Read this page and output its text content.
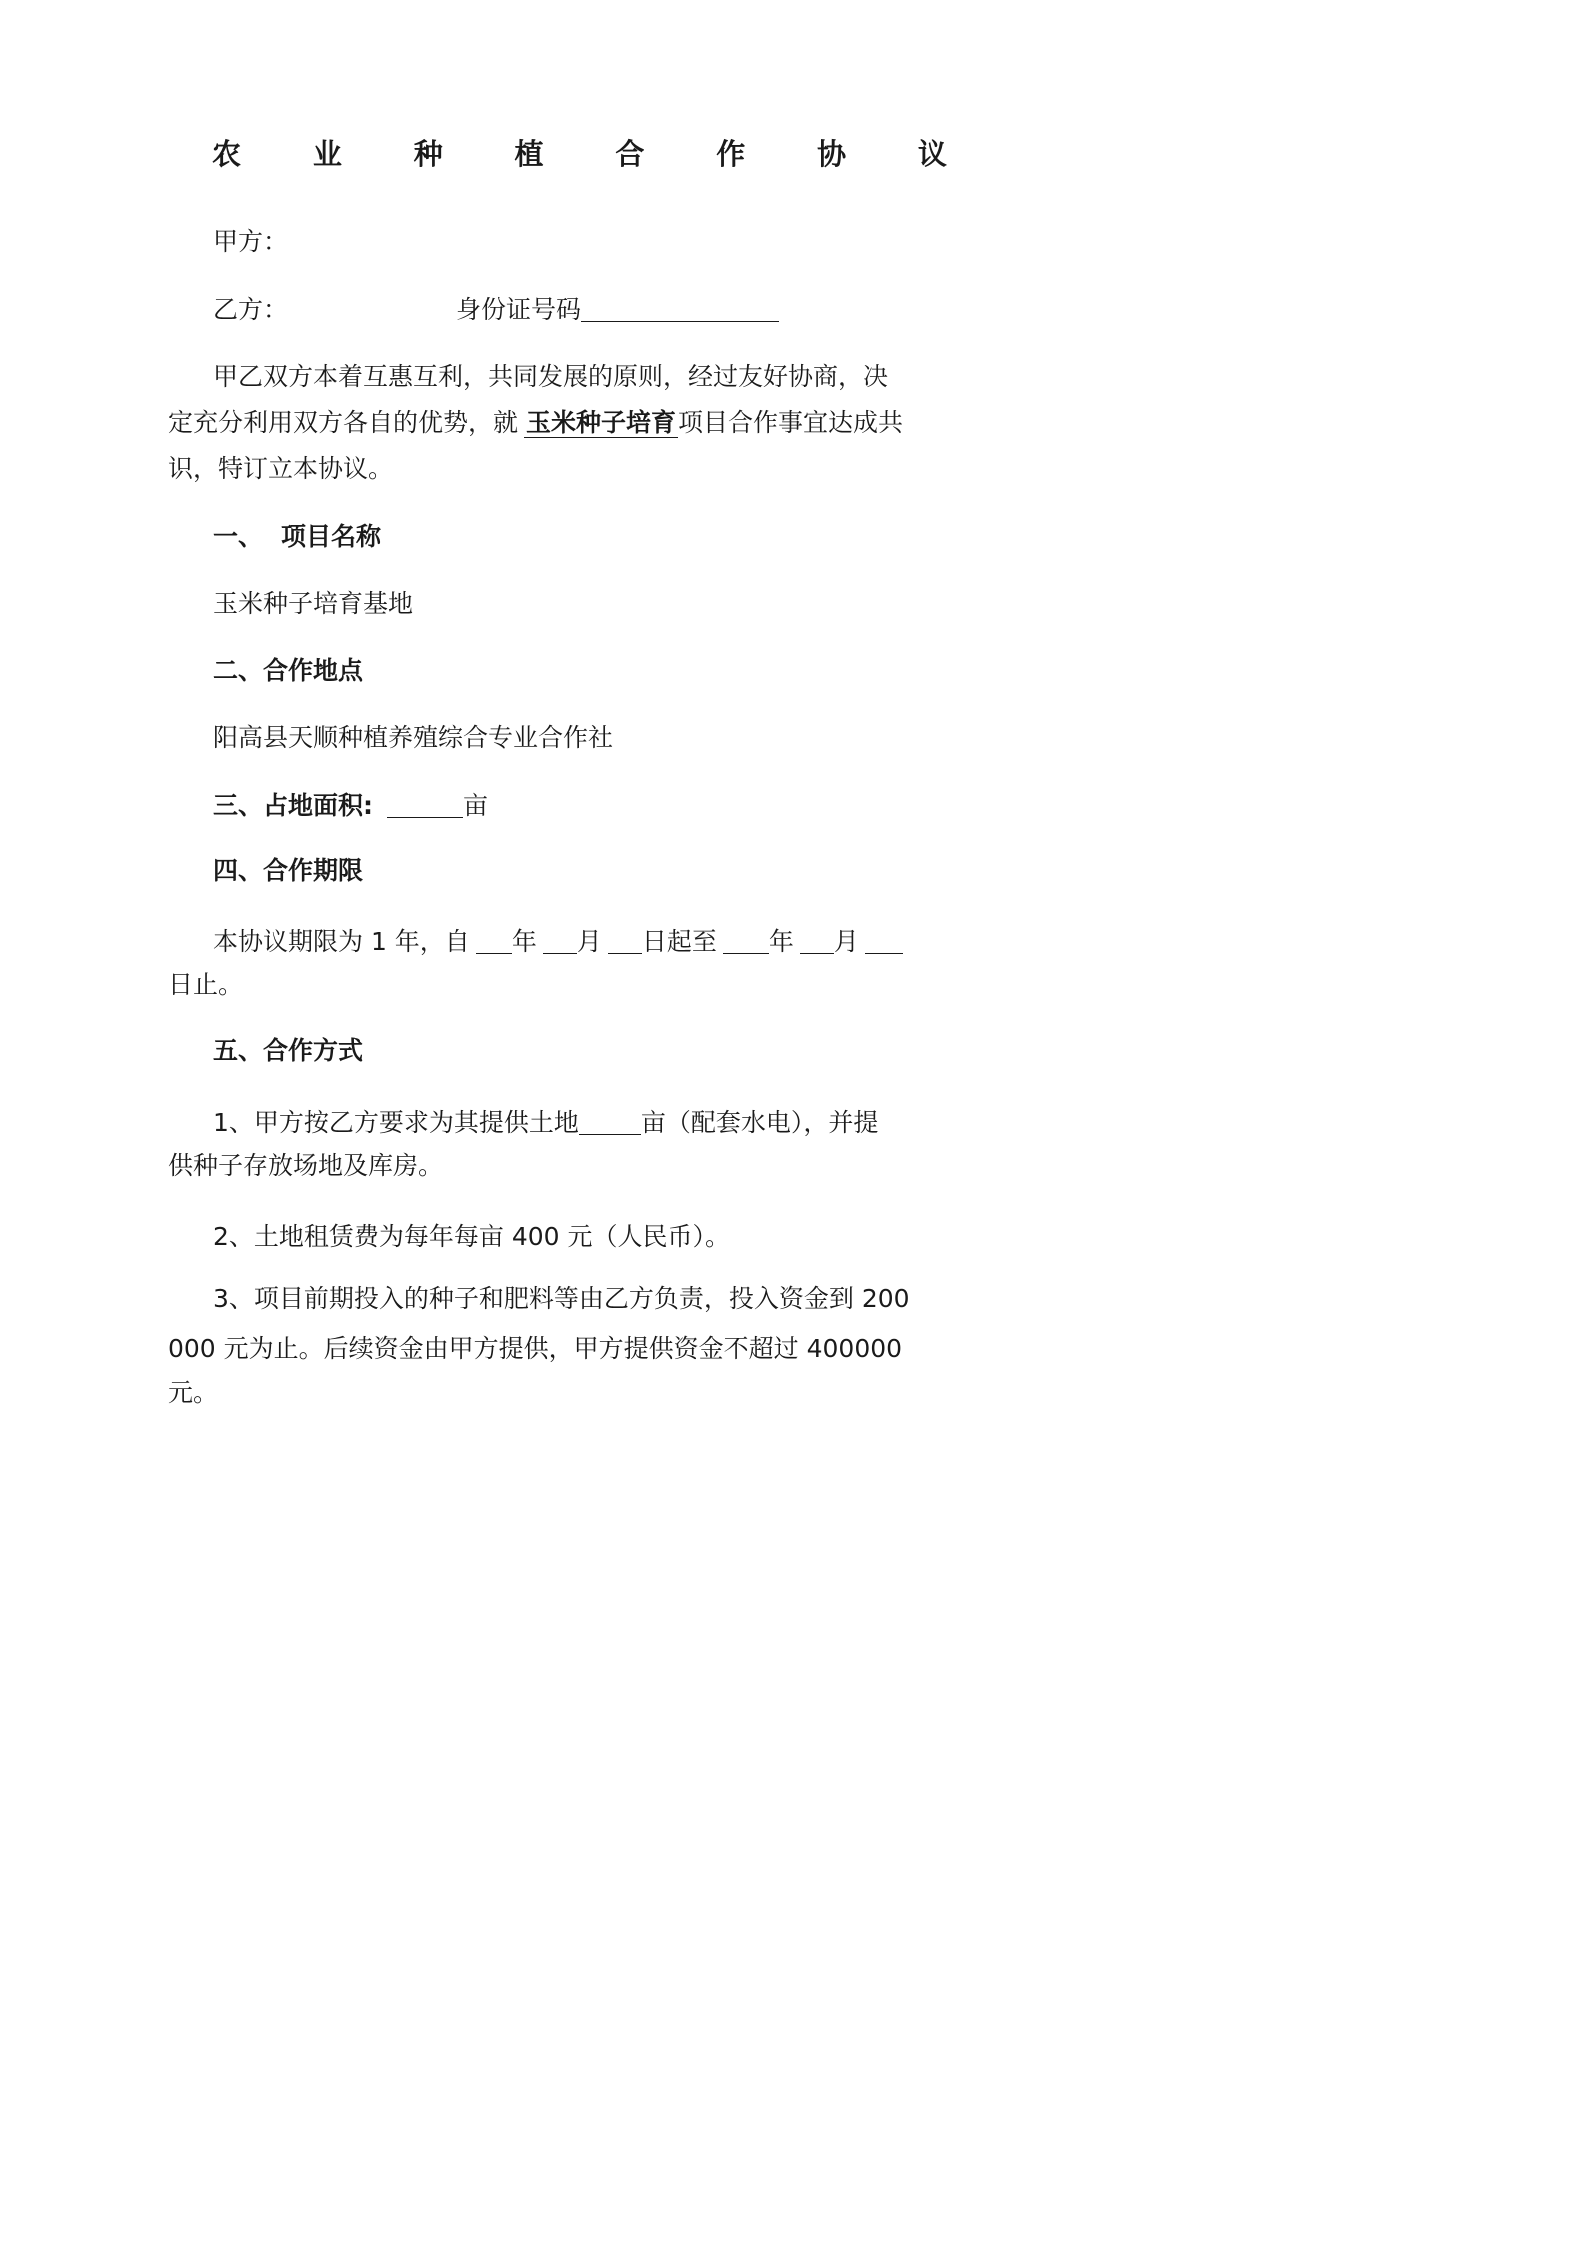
农 业 种 植 合 作 协 议
甲方：
乙方：	身份证号码
甲乙双方本着互惠互利，共同发展的原则，经过友好协商，决
定充分利用双方各自的优势，就 玉米种子培育项目合作事宜达成共
识，特订立本协议。
一、 项目名称
玉米种子培育基地
二、合作地点
阳高县天顺种植养殖综合专业合作社
三、占地面积:	亩
四、合作期限
本协议期限为 1 年，自 年 月 日起至 年 月
日止。
五、合作方式
1、甲方按乙方要求为其提供土地 亩（配套水电），并提
供种子存放场地及库房。
2、土地租赁费为每年每亩 400 元（人民币）。
3、项目前期投入的种子和肥料等由乙方负责，投入资金到 200
000 元为止。后续资金由甲方提供，甲方提供资金不超过 400000
元。
